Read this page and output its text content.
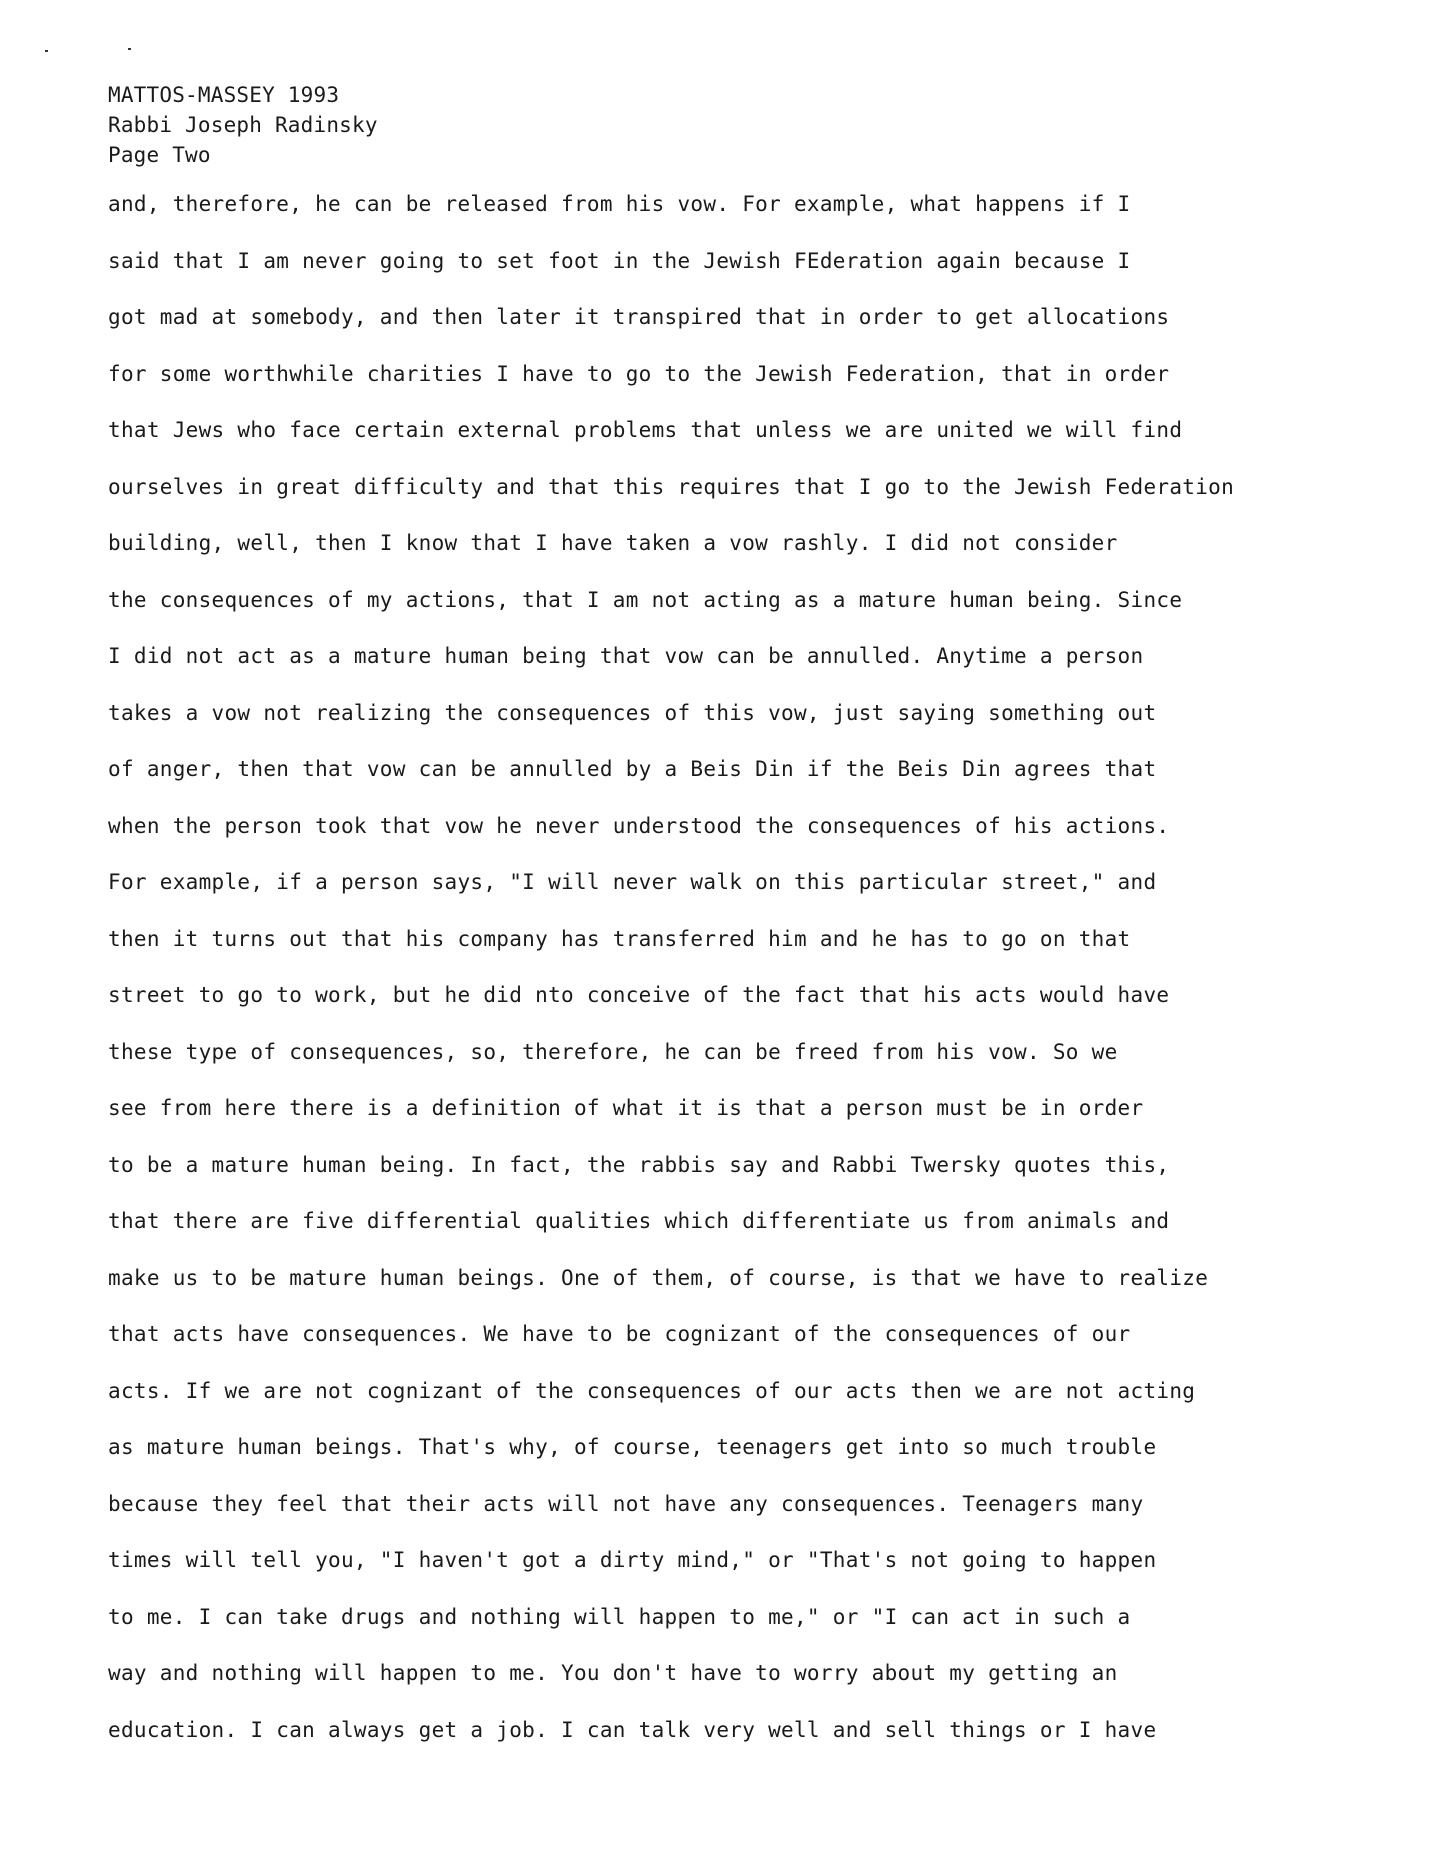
MATTOS-MASSEY 1993
Rabbi Joseph Radinsky
Page Two
and, therefore, he can be released from his vow. For example, what happens if I
said that I am never going to set foot in the Jewish FEderation again because I
got mad at somebody, and then later it transpired that in order to get allocations
for some worthwhile charities I have to go to the Jewish Federation, that in order
that Jews who face certain external problems that unless we are united we will find
ourselves in great difficulty and that this requires that I go to the Jewish Federation
building, well, then I know that I have taken a vow rashly. I did not consider
the consequences of my actions, that I am not acting as a mature human being. Since
I did not act as a mature human being that vow can be annulled. Anytime a person
takes a vow not realizing the consequences of this vow, just saying something out
of anger, then that vow can be annulled by a Beis Din if the Beis Din agrees that
when the person took that vow he never understood the consequences of his actions.
For example, if a person says, "I will never walk on this particular street," and
then it turns out that his company has transferred him and he has to go on that
street to go to work, but he did nto conceive of the fact that his acts would have
these type of consequences, so, therefore, he can be freed from his vow. So we
see from here there is a definition of what it is that a person must be in order
to be a mature human being. In fact, the rabbis say and Rabbi Twersky quotes this,
that there are five differential qualities which differentiate us from animals and
make us to be mature human beings. One of them, of course, is that we have to realize
that acts have consequences. We have to be cognizant of the consequences of our
acts. If we are not cognizant of the consequences of our acts then we are not acting
as mature human beings. That's why, of course, teenagers get into so much trouble
because they feel that their acts will not have any consequences. Teenagers many
times will tell you, "I haven't got a dirty mind," or "That's not going to happen
to me. I can take drugs and nothing will happen to me," or "I can act in such a
way and nothing will happen to me. You don't have to worry about my getting an
education. I can always get a job. I can talk very well and sell things or I have
